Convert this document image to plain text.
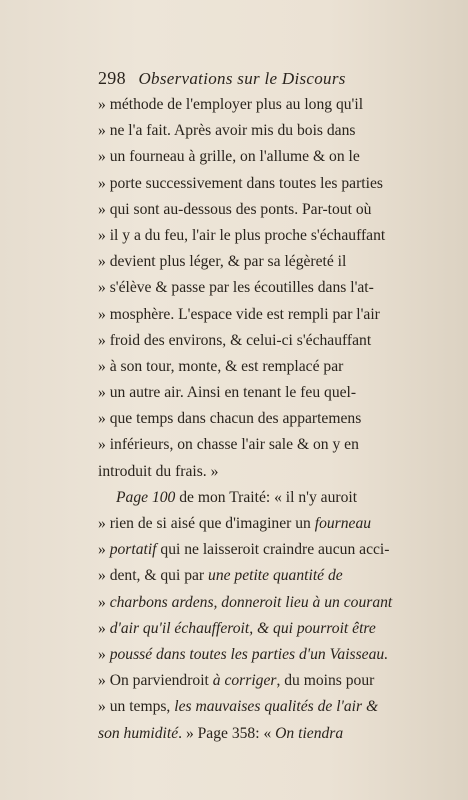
298 Observations sur le Discours
» méthode de l'employer plus au long qu'il
» ne l'a fait. Après avoir mis du bois dans
» un fourneau à grille, on l'allume & on le
» porte successivement dans toutes les parties
» qui sont au-dessous des ponts. Par-tout où
» il y a du feu, l'air le plus proche s'échauffant
» devient plus léger, & par sa légèreté il
» s'élève & passe par les écoutilles dans l'at-
» mosphère. L'espace vide est rempli par l'air
» froid des environs, & celui-ci s'échauffant
» à son tour, monte, & est remplacé par
» un autre air. Ainsi en tenant le feu quel-
» que temps dans chacun des appartemens
» inférieurs, on chasse l'air sale & on y en
introduit du frais. »
Page 100 de mon Traité: « il n'y auroit
» rien de si aisé que d'imaginer un fourneau
» portatif qui ne laisseroit craindre aucun acci-
» dent, & qui par une petite quantité de
» charbons ardens, donneroit lieu à un courant
» d'air qu'il échaufferoit, & qui pourroit être
» poussé dans toutes les parties d'un Vaisseau.
» On parviendroit à corriger, du moins pour
» un temps, les mauvaises qualités de l'air &
son humidité. » Page 358: « On tiendra
